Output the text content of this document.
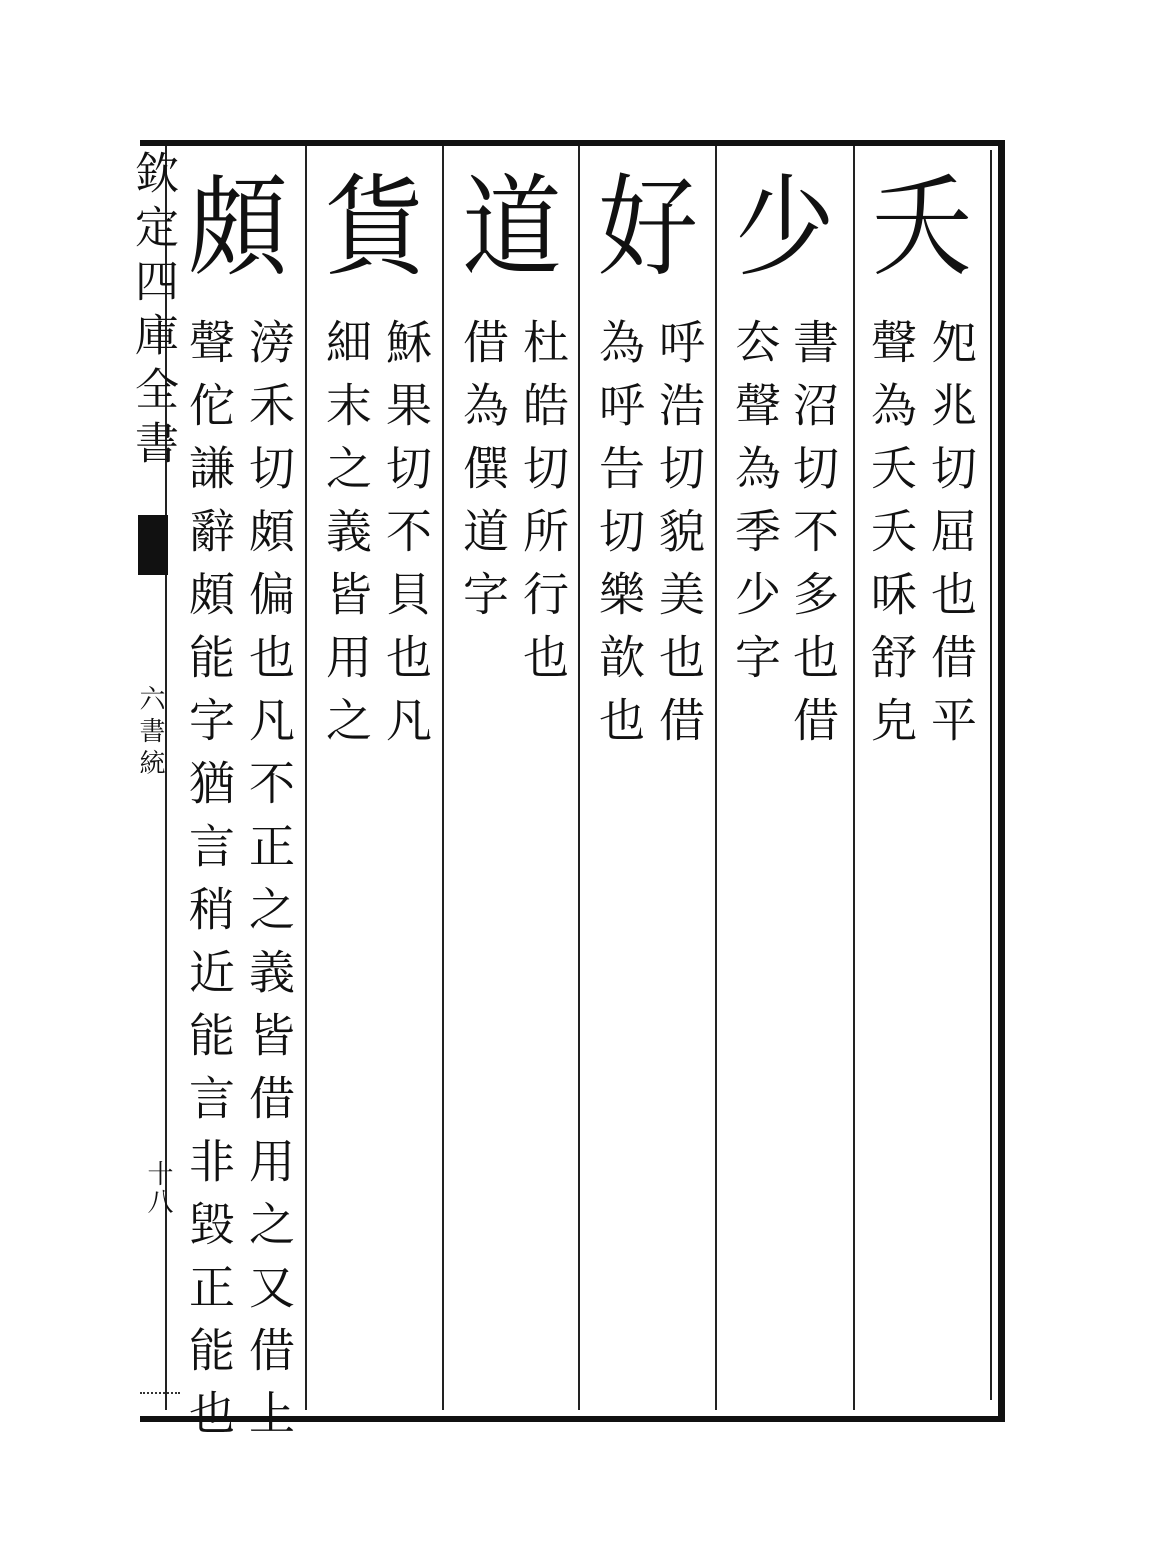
欽定四庫全書
六書統
十八
夭
夗兆切屈也借平
聲為夭夭咊舒皃
少
書沼切不多也借
厺聲為季少字
好
呼浩切貌美也借
為呼告切樂歆也
道
杜皓切所行也
借為僎道字
貨
穌果切不貝也凡
細末之義皆用之
頗
滂禾切頗偏也凡不正之義皆借用之又借上
聲佗謙辭頗能字猶言稍近能言非毀正能也
